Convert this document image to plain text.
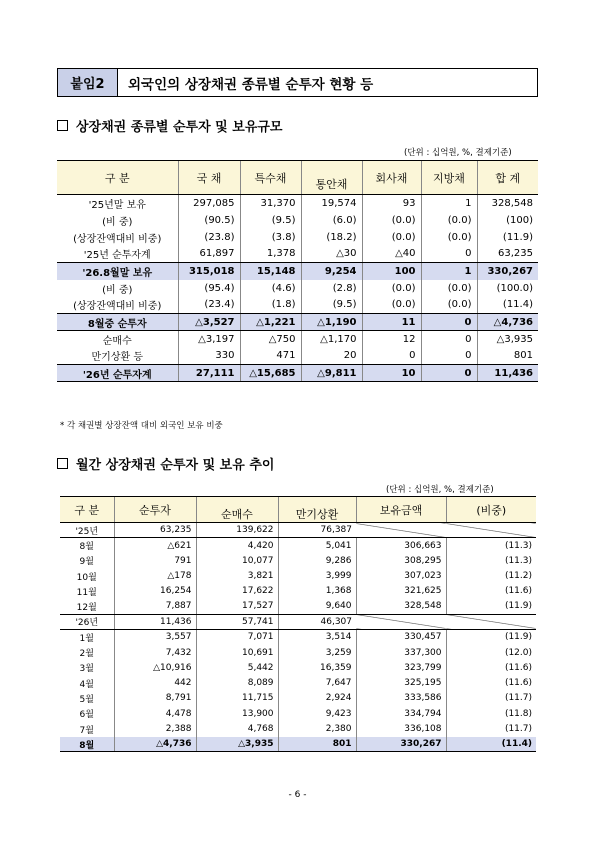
붙임2	외국인의 상장채권 종류별 순투자 현황 등
상장채권 종류별 순투자 및 보유규모
(단위 : 십억원, %, 결제기준)
구 분	국 채	특수채	통안채	회사채	지방채	합 계
'25년말 보유	297,085	31,370	19,574	93	1	328,548
(비 중)	(90.5)	(9.5)	(6.0)	(0.0)	(0.0)	(100)
(상장잔액대비 비중)	(23.8)	(3.8)	(18.2)	(0.0)	(0.0)	(11.9)
'25년 순투자계	61,897	1,378	△30	△40	0	63,235
'26.8월말 보유	315,018	15,148	9,254	100	1	330,267
(비 중)	(95.4)	(4.6)	(2.8)	(0.0)	(0.0)	(100.0)
(상장잔액대비 비중)	(23.4)	(1.8)	(9.5)	(0.0)	(0.0)	(11.4)
8월중 순투자	△3,527	△1,221	△1,190	11	0	△4,736
순매수	△3,197	△750	△1,170	12	0	△3,935
만기상환 등	330	471	20	0	0	801
'26년 순투자계	27,111	△15,685	△9,811	10	0	11,436
* 각 채권별 상장잔액 대비 외국인 보유 비중
월간 상장채권 순투자 및 보유 추이
(단위 : 십억원, %, 결제기준)
구 분	순투자	순매수	만기상환	보유금액	(비중)
'25년	63,235	139,622	76,387		
8월	△621	4,420	5,041	306,663	(11.3)
9월	791	10,077	9,286	308,295	(11.3)
10월	△178	3,821	3,999	307,023	(11.2)
11월	16,254	17,622	1,368	321,625	(11.6)
12월	7,887	17,527	9,640	328,548	(11.9)
'26년	11,436	57,741	46,307		
1월	3,557	7,071	3,514	330,457	(11.9)
2월	7,432	10,691	3,259	337,300	(12.0)
3월	△10,916	5,442	16,359	323,799	(11.6)
4월	442	8,089	7,647	325,195	(11.6)
5월	8,791	11,715	2,924	333,586	(11.7)
6월	4,478	13,900	9,423	334,794	(11.8)
7월	2,388	4,768	2,380	336,108	(11.7)
8월	△4,736	△3,935	801	330,267	(11.4)
- 6 -
